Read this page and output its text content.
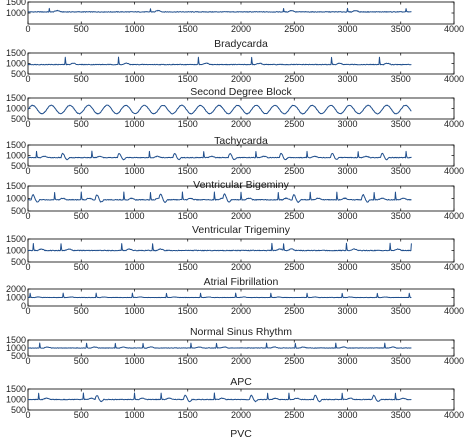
0	500	1000	1500	2000	2500	3000	3500	4000
1000
1500
Bradycarda
0	500	1000	1500	2000	2500	3000	3500	4000
500
1000
1500
Second Degree Block
0	500	1000	1500	2000	2500	3000	3500	4000
500
1000
1500
Tachycarda
0	500	1000	1500	2000	2500	3000	3500	4000
500
1000
1500
Ventricular Bigeminy
0	500	1000	1500	2000	2500	3000	3500	4000
500
1000
1500
Ventricular Trigeminy
0	500	1000	1500	2000	2500	3000	3500	4000
500
1000
1500
Atrial Fibrillation
0	500	1000	1500	2000	2500	3000	3500	4000
0
1000
2000
Normal Sinus Rhythm
0	500	1000	1500	2000	2500	3000	3500	4000
500
1000
1500
APC
0	500	1000	1500	2000	2500	3000	3500	4000
500
1000
1500
PVC
